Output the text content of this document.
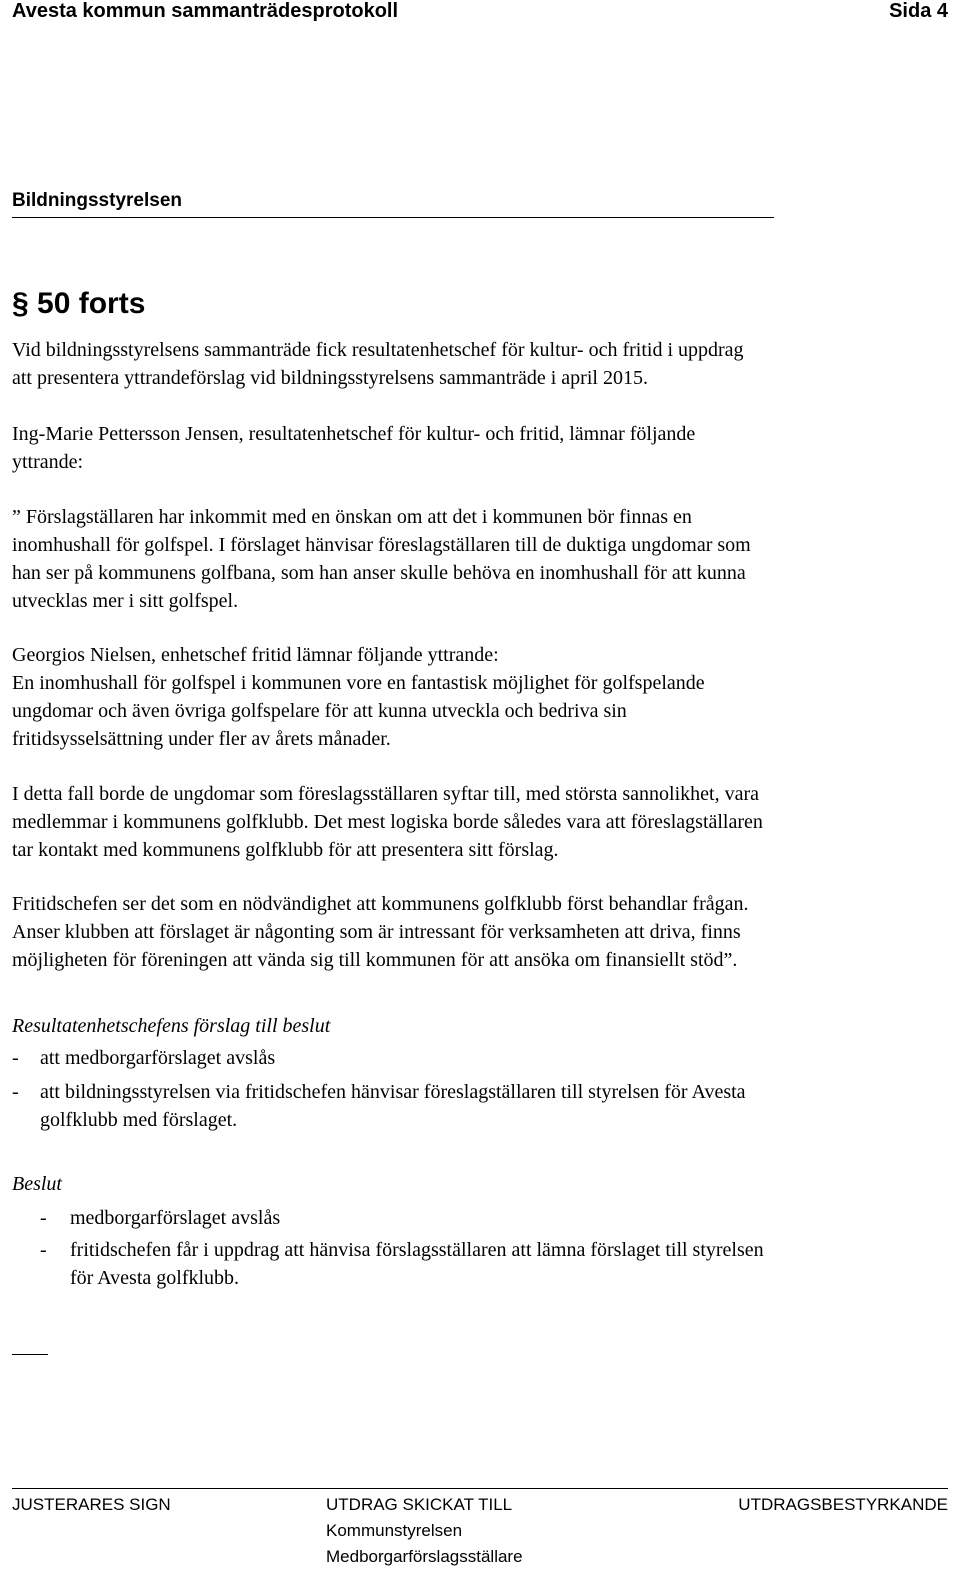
Avesta kommun sammanträdesprotokoll	Sida 4
Bildningsstyrelsen
§ 50 forts
Vid bildningsstyrelsens sammanträde fick resultatenhetschef för kultur- och fritid i uppdrag
att presentera yttrandeförslag vid bildningsstyrelsens sammanträde i april 2015.
Ing-Marie Pettersson Jensen, resultatenhetschef för kultur- och fritid, lämnar följande
yttrande:
” Förslagställaren har inkommit med en önskan om att det i kommunen bör finnas en
inomhushall för golfspel. I förslaget hänvisar föreslagställaren till de duktiga ungdomar som
han ser på kommunens golfbana, som han anser skulle behöva en inomhushall för att kunna
utvecklas mer i sitt golfspel.
Georgios Nielsen, enhetschef fritid lämnar följande yttrande:
En inomhushall för golfspel i kommunen vore en fantastisk möjlighet för golfspelande
ungdomar och även övriga golfspelare för att kunna utveckla och bedriva sin
fritidsysselsättning under fler av årets månader.
I detta fall borde de ungdomar som föreslagsställaren syftar till, med största sannolikhet, vara
medlemmar i kommunens golfklubb. Det mest logiska borde således vara att föreslagställaren
tar kontakt med kommunens golfklubb för att presentera sitt förslag.
Fritidschefen ser det som en nödvändighet att kommunens golfklubb först behandlar frågan.
Anser klubben att förslaget är någonting som är intressant för verksamheten att driva, finns
möjligheten för föreningen att vända sig till kommunen för att ansöka om finansiellt stöd”.
Resultatenhetschefens förslag till beslut
- att medborgarförslaget avslås
- att bildningsstyrelsen via fritidschefen hänvisar föreslagställaren till styrelsen för Avesta
golfklubb med förslaget.
Beslut
- medborgarförslaget avslås
- fritidschefen får i uppdrag att hänvisa förslagsställaren att lämna förslaget till styrelsen
för Avesta golfklubb.
JUSTERARES SIGN	UTDRAG SKICKAT TILL
Kommunstyrelsen
Medborgarförslagsställare
UTDRAGSBESTYRKANDE
